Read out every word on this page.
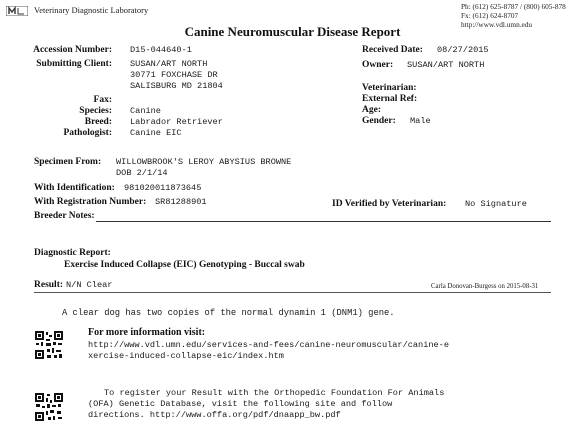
Veterinary Diagnostic Laboratory	Ph: (612) 625-8787 / (800) 605-878
Fx: (612) 624-8707
http://www.vdl.umn.edu
Canine Neuromuscular Disease Report
Accession Number: D15-044640-1
Submitting Client: SUSAN/ART NORTH
30771 FOXCHASE DR
SALISBURG MD 21804
Fax:
Species: Canine
Breed: Labrador Retriever
Pathologist: Canine EIC
Received Date: 08/27/2015
Owner: SUSAN/ART NORTH
Veterinarian:
External Ref:
Age:
Gender: Male
Specimen From: WILLOWBROOK'S LEROY ABYSIUS BROWNE
DOB 2/1/14
With Identification: 981020011873645
With Registration Number: SR81288901	ID Verified by Veterinarian: No Signature
Breeder Notes:
Diagnostic Report:
Exercise Induced Collapse (EIC) Genotyping - Buccal swab
Result: N/N Clear	Carla Donovan-Burgess on 2015-08-31
A clear dog has two copies of the normal dynamin 1 (DNM1) gene.
For more information visit:
http://www.vdl.umn.edu/services-and-fees/canine-neuromuscular/canine-e
xercise-induced-collapse-eic/index.htm
To register your Result with the Orthopedic Foundation For Animals
(OFA) Genetic Database, visit the following site and follow
directions. http://www.offa.org/pdf/dnaapp_bw.pdf
